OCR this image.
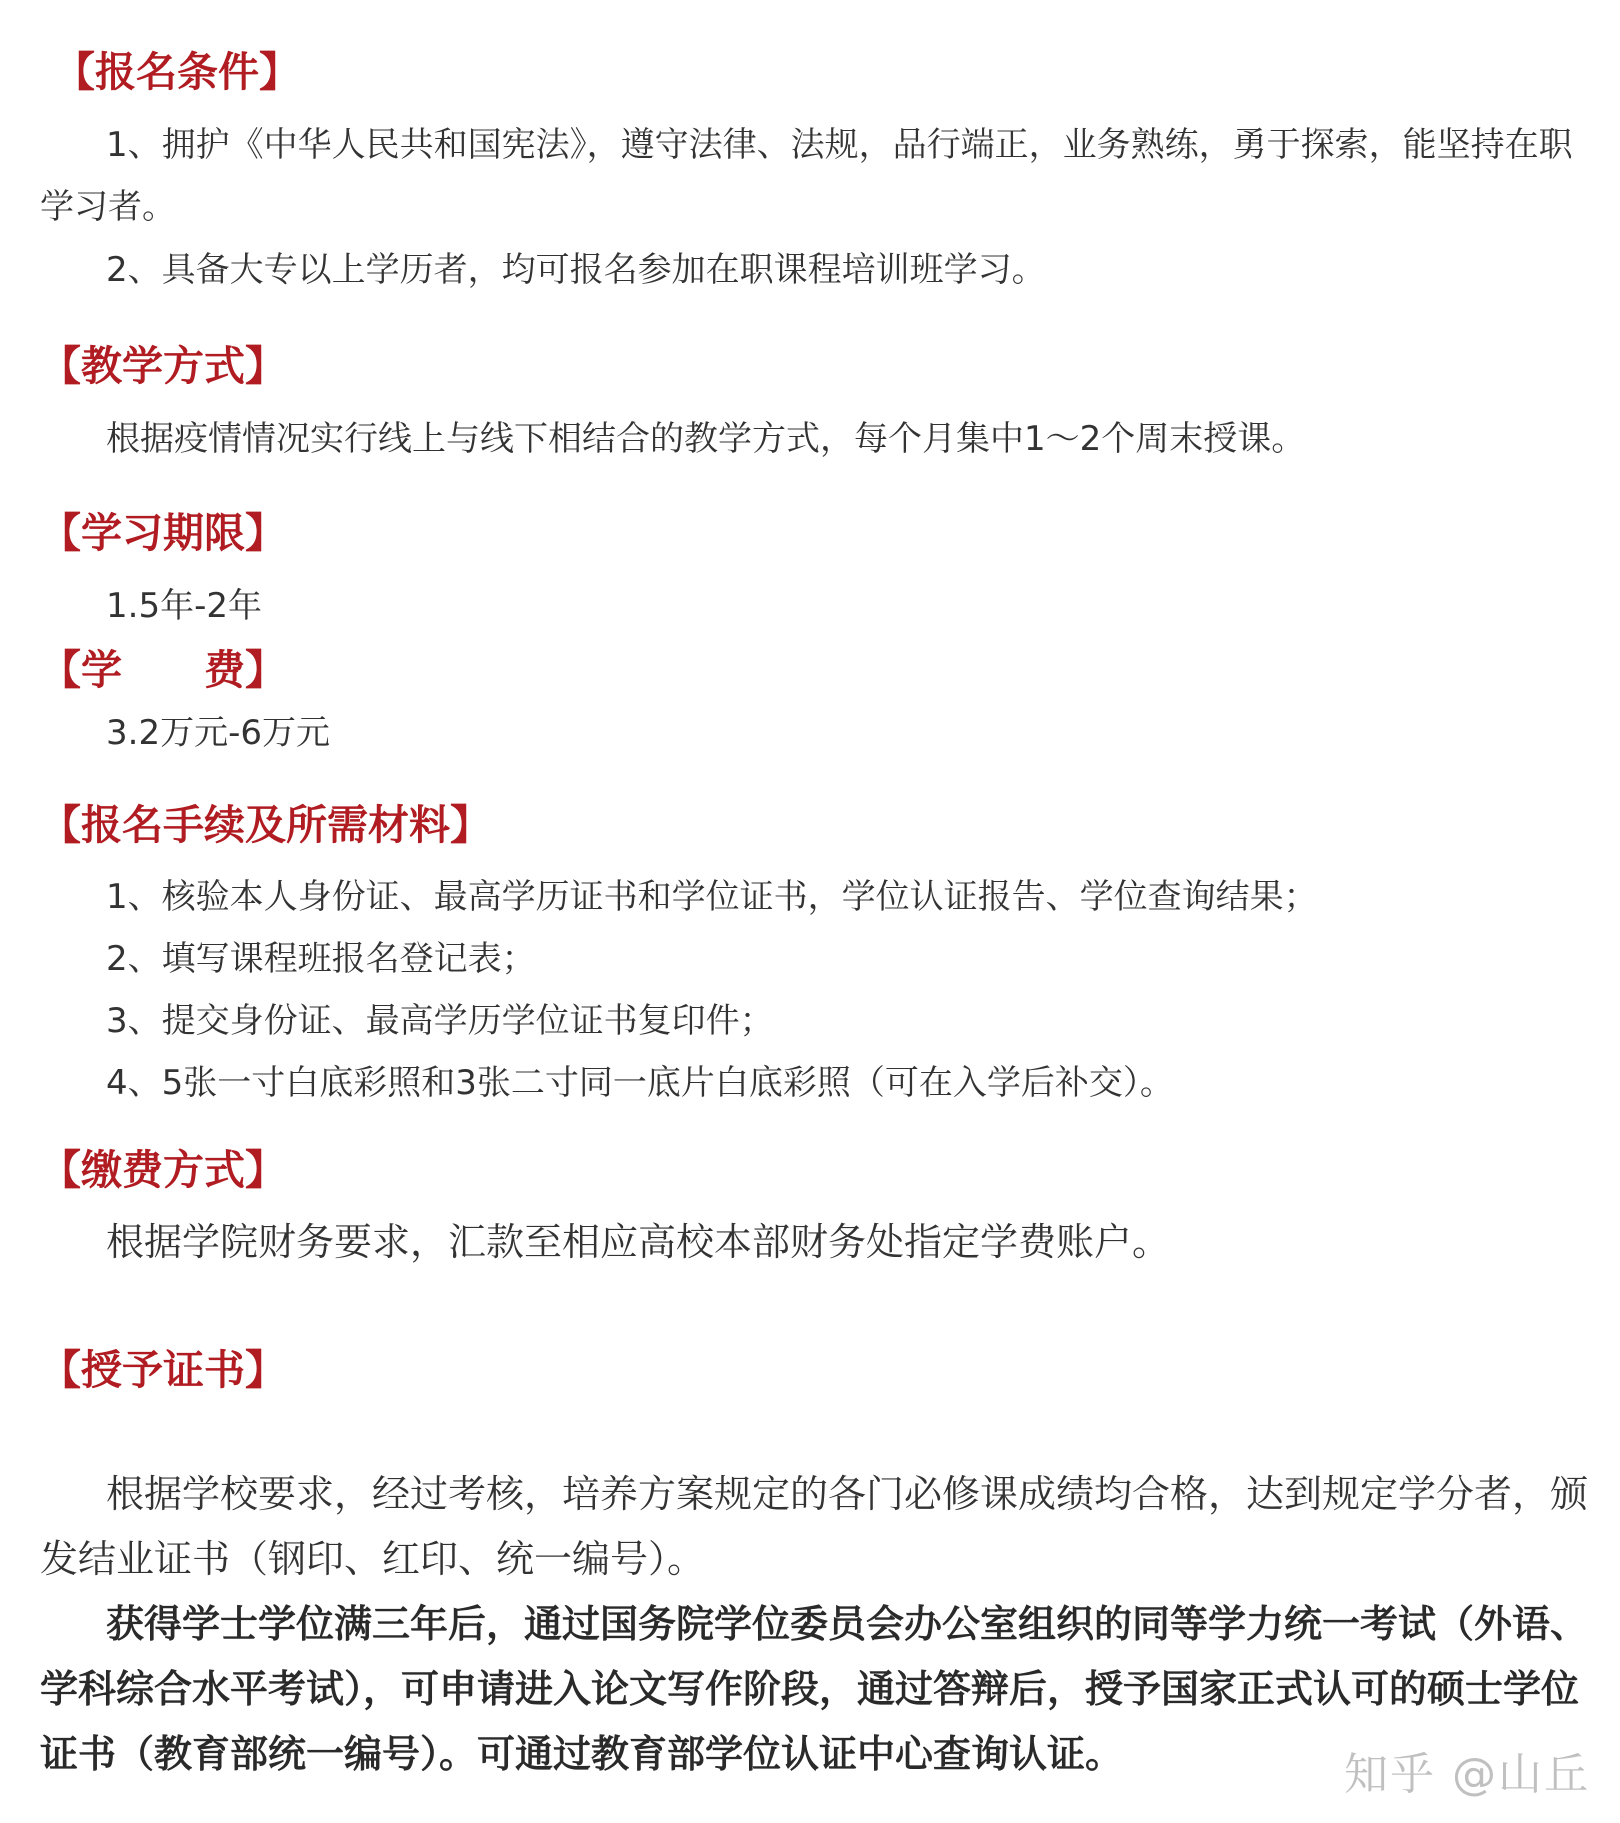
【报名条件】

1、拥护《中华人民共和国宪法》，遵守法律、法规，品行端正，业务熟练，勇于探索，能坚持在职学习者。

2、具备大专以上学历者，均可报名参加在职课程培训班学习。

【教学方式】

根据疫情情况实行线上与线下相结合的教学方式，每个月集中1～2个周末授课。

【学习期限】

1.5年-2年

【学　　费】

3.2万元-6万元

【报名手续及所需材料】

1、核验本人身份证、最高学历证书和学位证书，学位认证报告、学位查询结果；

2、填写课程班报名登记表；

3、提交身份证、最高学历学位证书复印件；

4、5张一寸白底彩照和3张二寸同一底片白底彩照（可在入学后补交）。

【缴费方式】

根据学院财务要求，汇款至相应高校本部财务处指定学费账户。

【授予证书】

根据学校要求，经过考核，培养方案规定的各门必修课成绩均合格，达到规定学分者，颁发结业证书（钢印、红印、统一编号）。

获得学士学位满三年后，通过国务院学位委员会办公室组织的同等学力统一考试（外语、学科综合水平考试），可申请进入论文写作阶段，通过答辩后，授予国家正式认可的硕士学位证书（教育部统一编号）。可通过教育部学位认证中心查询认证。	知乎 @山丘
